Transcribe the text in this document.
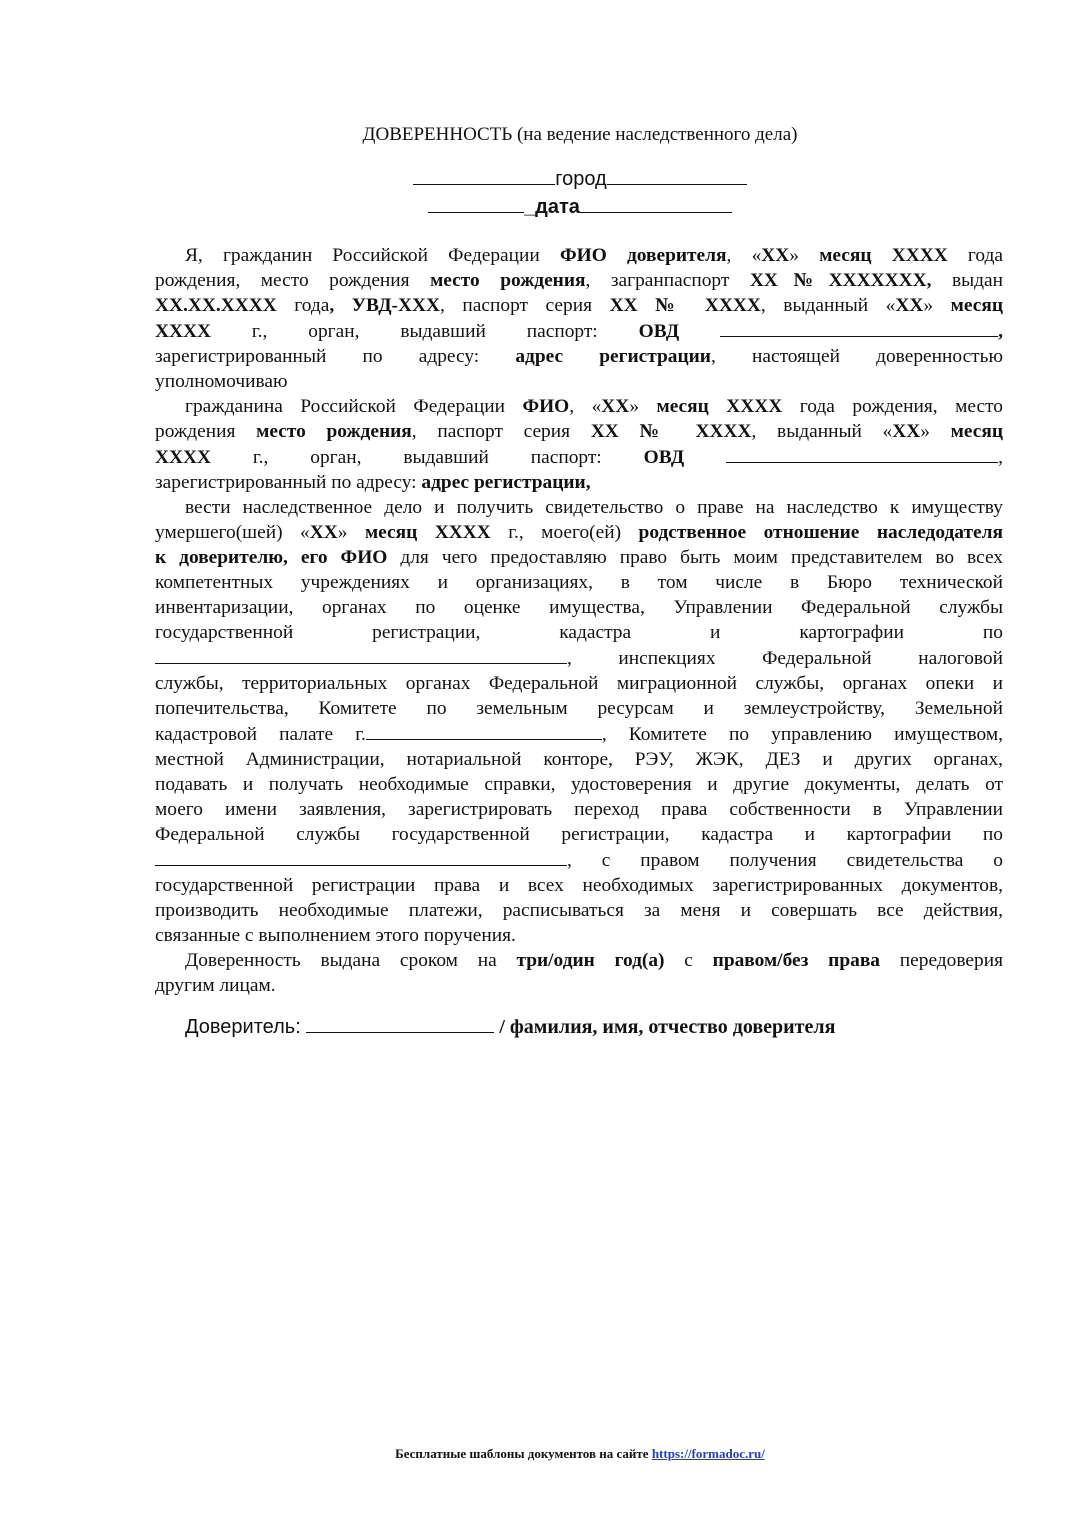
ДОВЕРЕННОСТЬ (на ведение наследственного дела)
город
_дата
Я, гражданин Российской Федерации ФИО доверителя, «ХХ» месяц ХХХХ года
рождения, место рождения место рождения, загранпаспорт ХХ№ХХХХХХХ, выдан
ХХ.ХХ.ХХХХ года, УВД-ХХХ, паспорт серия ХХ № ХХХХ, выданный «ХХ» месяц
ХХХХ г., орган, выдавший паспорт: ОВД	,
зарегистрированный по адресу: адрес регистрации, настоящей доверенностью
уполномочиваю
гражданина Российской Федерации ФИО, «ХХ» месяц ХХХХ года рождения, место
рождения место рождения, паспорт серия ХХ № ХХХХ, выданный «ХХ» месяц
ХХХХ г., орган, выдавший паспорт: ОВД	,
зарегистрированный по адресу: адрес регистрации,
вести наследственное дело и получить свидетельство о праве на наследство к имуществу
умершего(шей) «ХХ» месяц ХХХХ г., моего(ей) родственное отношение наследодателя
к доверителю, его ФИО для чего предоставляю право быть моим представителем во всех
компетентных учреждениях и организациях, в том числе в Бюро технической
инвентаризации, органах по оценке имущества, Управлении Федеральной службы
государственной регистрации, кадастра и картографии по
, инспекциях Федеральной налоговой
службы, территориальных органах Федеральной миграционной службы, органах опеки и
попечительства, Комитете по земельным ресурсам и землеустройству, Земельной
кадастровой палате г.	, Комитете по управлению имуществом,
местной Администрации, нотариальной конторе, РЭУ, ЖЭК, ДЕЗ и других органах,
подавать и получать необходимые справки, удостоверения и другие документы, делать от
моего имени заявления, зарегистрировать переход права собственности в Управлении
Федеральной службы государственной регистрации, кадастра и картографии по
, с правом получения свидетельства о
государственной регистрации права и всех необходимых зарегистрированных документов,
производить необходимые платежи, расписываться за меня и совершать все действия,
связанные с выполнением этого поручения.
Доверенность выдана сроком на три/один год(а) с правом/без права передоверия
другим лицам.
Доверитель:	/ фамилия, имя, отчество доверителя
Бесплатные шаблоны документов на сайте https://formadoc.ru/
